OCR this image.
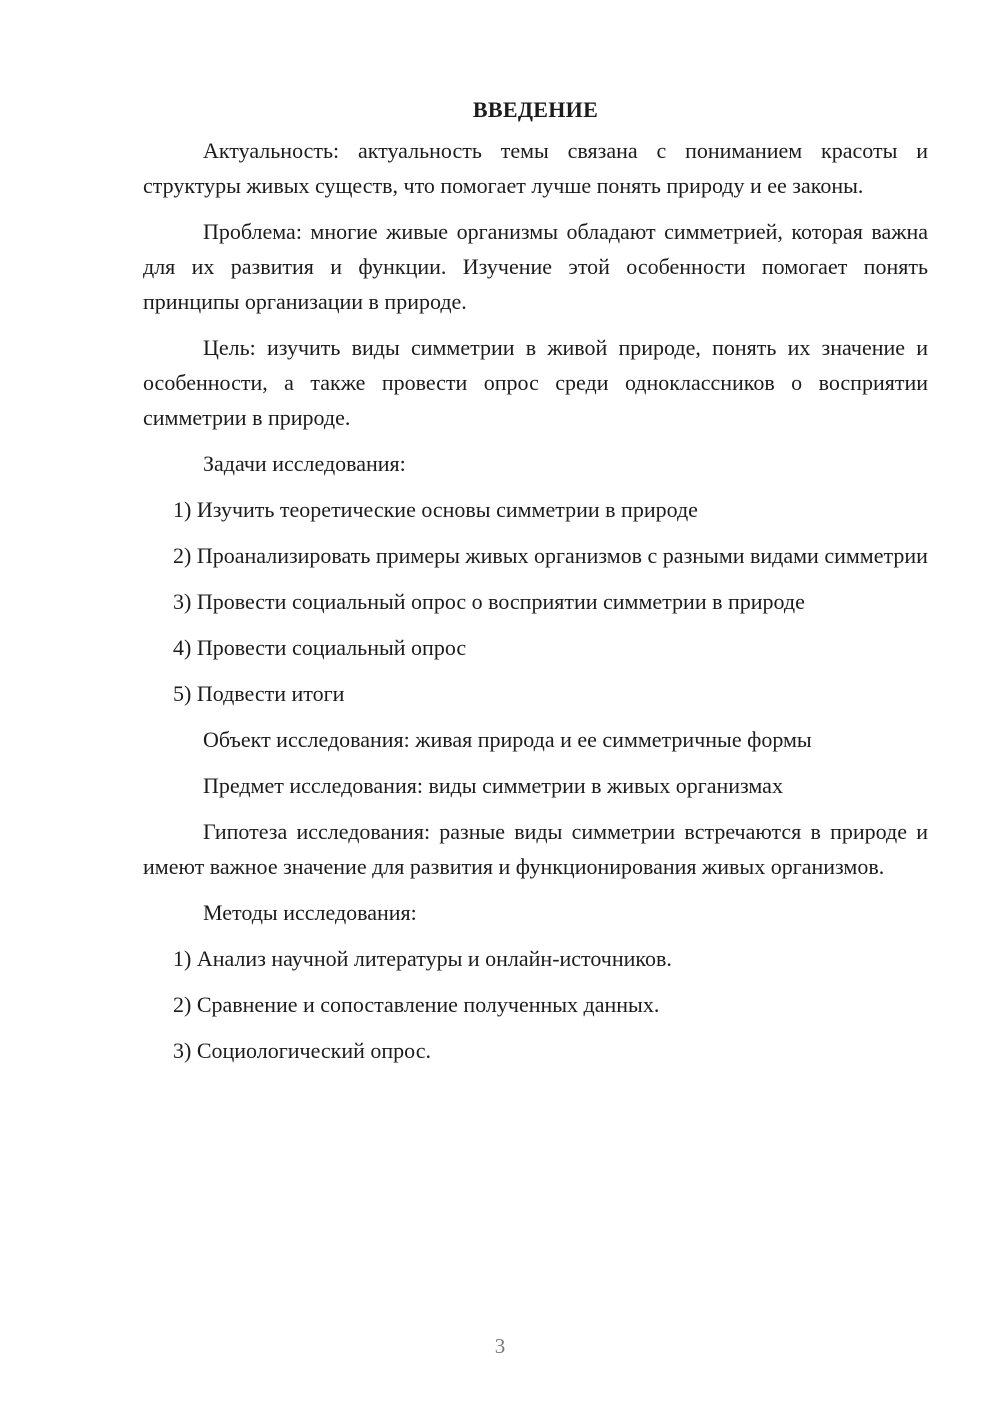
ВВЕДЕНИЕ

Актуальность: актуальность темы связана с пониманием красоты и структуры живых существ, что помогает лучше понять природу и ее законы.

Проблема: многие живые организмы обладают симметрией, которая важна для их развития и функции. Изучение этой особенности помогает понять принципы организации в природе.

Цель: изучить виды симметрии в живой природе, понять их значение и особенности, а также провести опрос среди одноклассников о восприятии симметрии в природе.

Задачи исследования:

1) Изучить теоретические основы симметрии в природе

2) Проанализировать примеры живых организмов с разными видами симметрии

3) Провести социальный опрос о восприятии симметрии в природе

4) Провести социальный опрос

5) Подвести итоги

Объект исследования: живая природа и ее симметричные формы

Предмет исследования: виды симметрии в живых организмах

Гипотеза исследования: разные виды симметрии встречаются в природе и имеют важное значение для развития и функционирования живых организмов.

Методы исследования:

1) Анализ научной литературы и онлайн-источников.

2) Сравнение и сопоставление полученных данных.

3) Социологический опрос.

3
